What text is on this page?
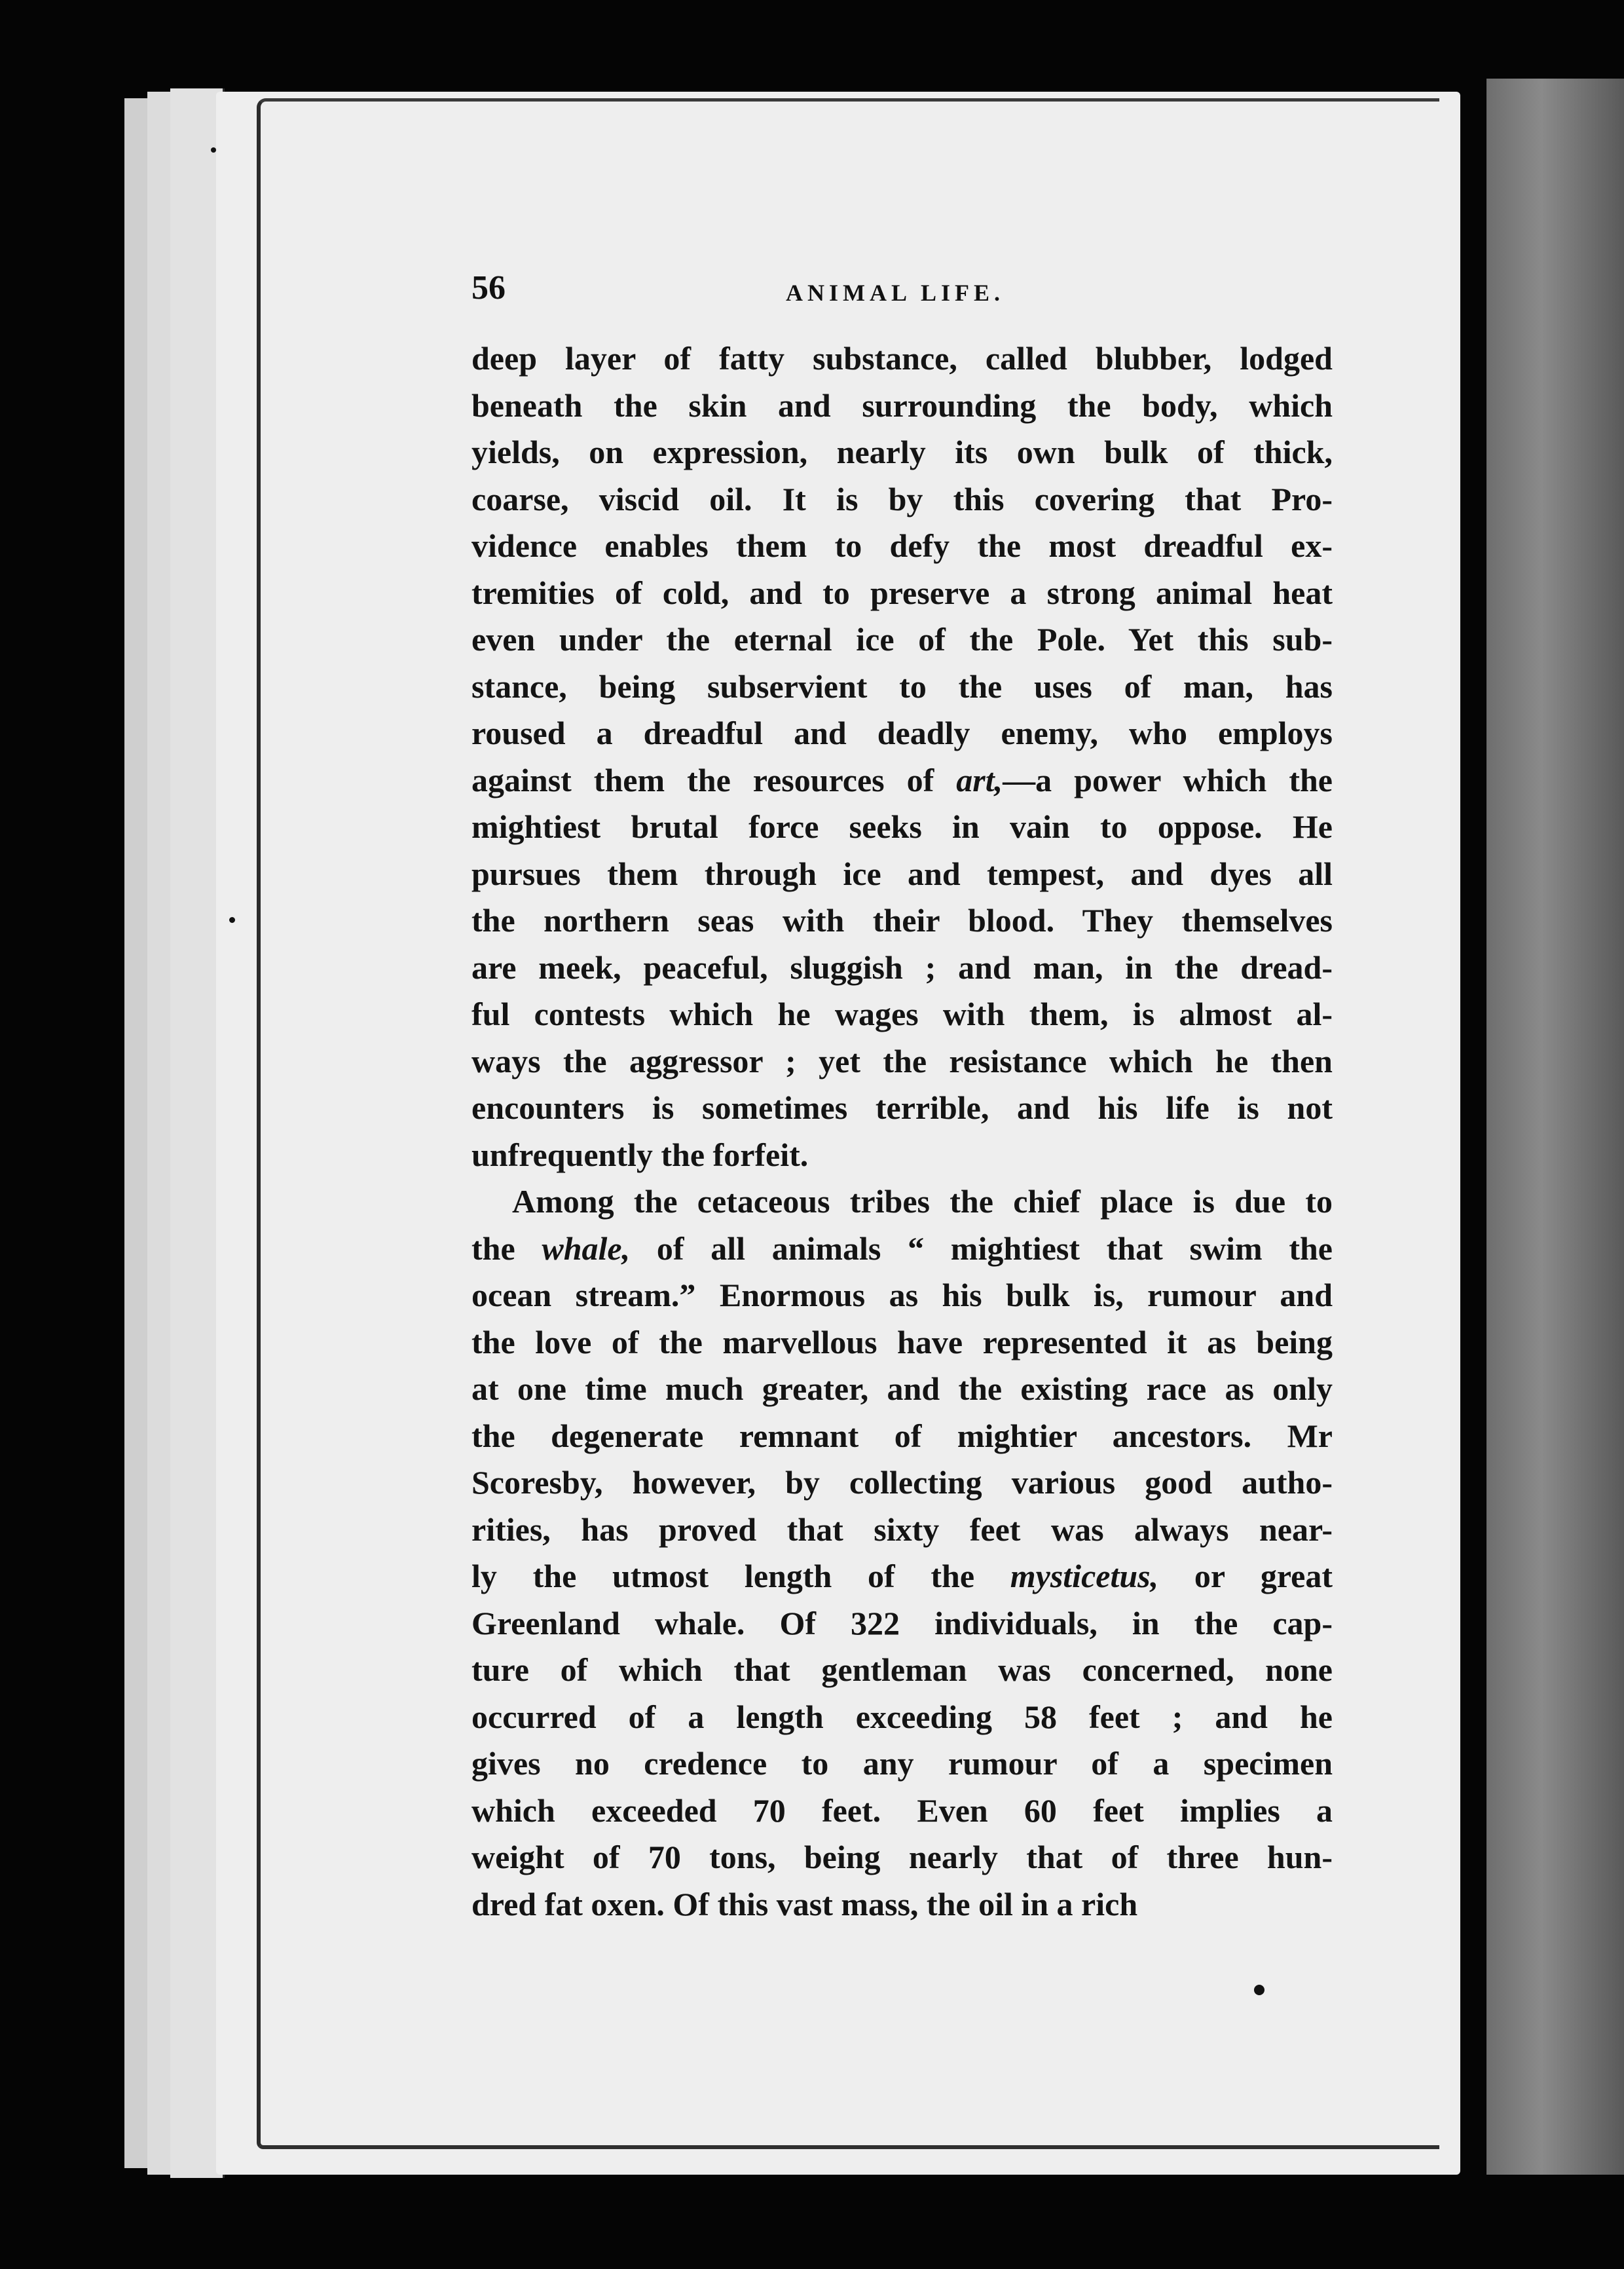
56	ANIMAL LIFE.
deep layer of fatty substance, called blubber, lodged
beneath the skin and surrounding the body, which
yields, on expression, nearly its own bulk of thick,
coarse, viscid oil. It is by this covering that Pro-
vidence enables them to defy the most dreadful ex-
tremities of cold, and to preserve a strong animal heat
even under the eternal ice of the Pole. Yet this sub-
stance, being subservient to the uses of man, has
roused a dreadful and deadly enemy, who employs
against them the resources of art,—a power which the
mightiest brutal force seeks in vain to oppose. He
pursues them through ice and tempest, and dyes all
the northern seas with their blood. They themselves
are meek, peaceful, sluggish ; and man, in the dread-
ful contests which he wages with them, is almost al-
ways the aggressor ; yet the resistance which he then
encounters is sometimes terrible, and his life is not
unfrequently the forfeit.
Among the cetaceous tribes the chief place is due to
the whale, of all animals “ mightiest that swim the
ocean stream.” Enormous as his bulk is, rumour and
the love of the marvellous have represented it as being
at one time much greater, and the existing race as only
the degenerate remnant of mightier ancestors. Mr
Scoresby, however, by collecting various good autho-
rities, has proved that sixty feet was always near-
ly the utmost length of the mysticetus, or great
Greenland whale. Of 322 individuals, in the cap-
ture of which that gentleman was concerned, none
occurred of a length exceeding 58 feet ; and he
gives no credence to any rumour of a specimen
which exceeded 70 feet. Even 60 feet implies a
weight of 70 tons, being nearly that of three hun-
dred fat oxen. Of this vast mass, the oil in a rich
